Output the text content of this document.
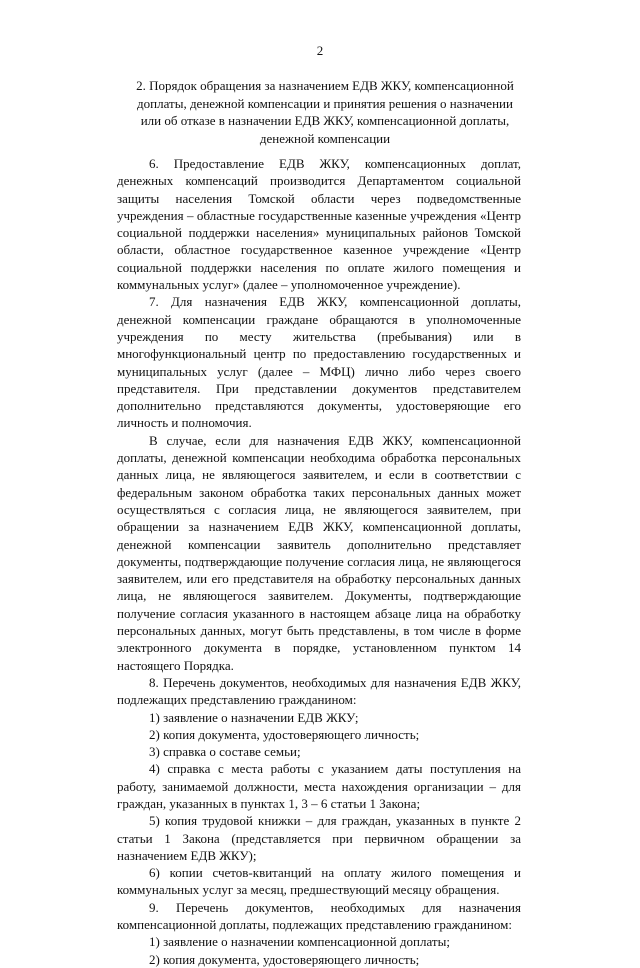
2
2. Порядок обращения за назначением ЕДВ ЖКУ, компенсационной доплаты, денежной компенсации и принятия решения о назначении или об отказе в назначении ЕДВ ЖКУ, компенсационной доплаты, денежной компенсации

6. Предоставление ЕДВ ЖКУ, компенсационных доплат, денежных компенсаций производится Департаментом социальной защиты населения Томской области через подведомственные учреждения – областные государственные казенные учреждения «Центр социальной поддержки населения» муниципальных районов Томской области, областное государственное казенное учреждение «Центр социальной поддержки населения по оплате жилого помещения и коммунальных услуг» (далее – уполномоченное учреждение).

7. Для назначения ЕДВ ЖКУ, компенсационной доплаты, денежной компенсации граждане обращаются в уполномоченные учреждения по месту жительства (пребывания) или в многофункциональный центр по предоставлению государственных и муниципальных услуг (далее – МФЦ) лично либо через своего представителя. При представлении документов представителем дополнительно представляются документы, удостоверяющие его личность и полномочия.

В случае, если для назначения ЕДВ ЖКУ, компенсационной доплаты, денежной компенсации необходима обработка персональных данных лица, не являющегося заявителем, и если в соответствии с федеральным законом обработка таких персональных данных может осуществляться с согласия лица, не являющегося заявителем, при обращении за назначением ЕДВ ЖКУ, компенсационной доплаты, денежной компенсации заявитель дополнительно представляет документы, подтверждающие получение согласия лица, не являющегося заявителем, или его представителя на обработку персональных данных лица, не являющегося заявителем. Документы, подтверждающие получение согласия указанного в настоящем абзаце лица на обработку персональных данных, могут быть представлены, в том числе в форме электронного документа в порядке, установленном пунктом 14 настоящего Порядка.

8. Перечень документов, необходимых для назначения ЕДВ ЖКУ, подлежащих представлению гражданином:

1) заявление о назначении ЕДВ ЖКУ;

2) копия документа, удостоверяющего личность;

3) справка о составе семьи;

4) справка с места работы с указанием даты поступления на работу, занимаемой должности, места нахождения организации – для граждан, указанных в пунктах 1, 3 – 6 статьи 1 Закона;

5) копия трудовой книжки – для граждан, указанных в пункте 2 статьи 1 Закона (представляется при первичном обращении за назначением ЕДВ ЖКУ);

6) копии счетов-квитанций на оплату жилого помещения и коммунальных услуг за месяц, предшествующий месяцу обращения.

9. Перечень документов, необходимых для назначения компенсационной доплаты, подлежащих представлению гражданином:

1) заявление о назначении компенсационной доплаты;

2) копия документа, удостоверяющего личность;
